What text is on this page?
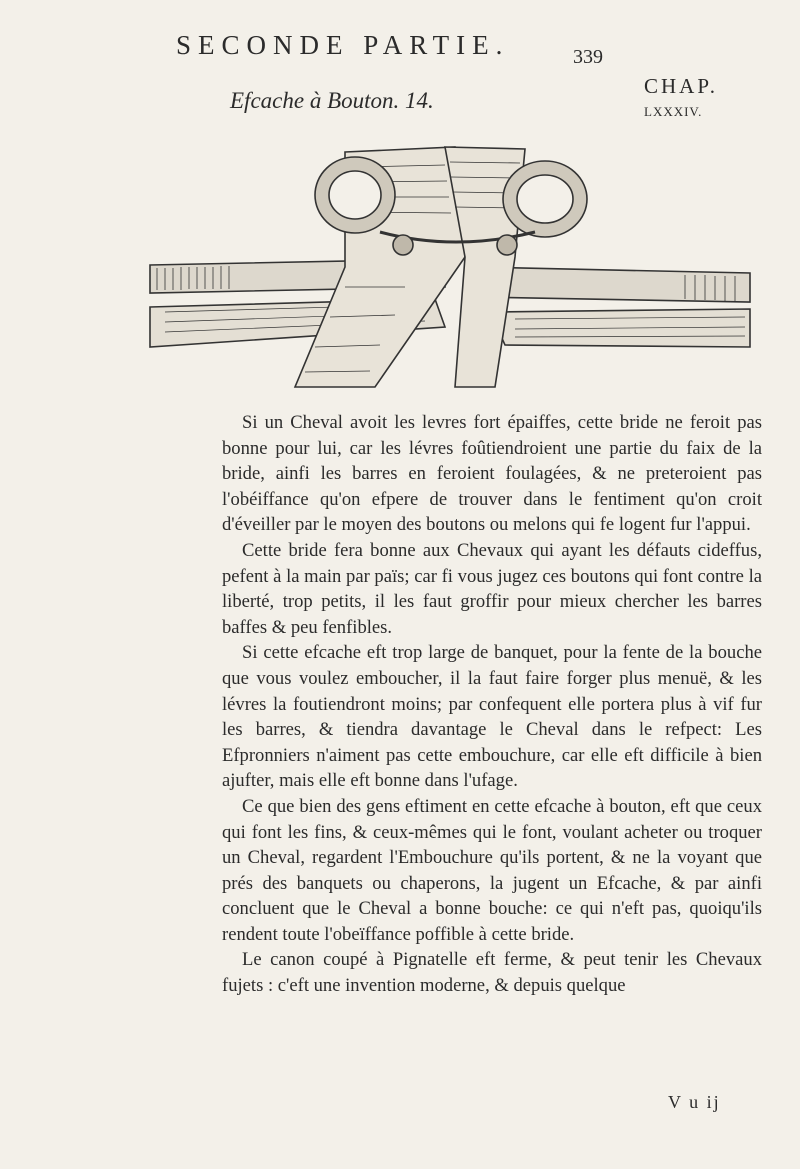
SECONDE PARTIE.	339
CHAP.
LXXXIV.
Efcache à Bouton. 14.

Si un Cheval avoit les levres fort épaiffes, cette bride ne feroit pas bonne pour lui, car les lévres foûtiendroient une partie du faix de la bride, ainfi les barres en feroient foulagées, & ne preteroient pas l'obéiffance qu'on efpere de trouver dans le fentiment qu'on croit d'éveiller par le moyen des boutons ou melons qui fe logent fur l'appui.

Cette bride fera bonne aux Chevaux qui ayant les défauts cideffus, pefent à la main par païs; car fi vous jugez ces boutons qui font contre la liberté, trop petits, il les faut groffir pour mieux chercher les barres baffes & peu fenfibles.

Si cette efcache eft trop large de banquet, pour la fente de la bouche que vous voulez emboucher, il la faut faire forger plus menuë, & les lévres la foutiendront moins; par confequent elle portera plus à vif fur les barres, & tiendra davantage le Cheval dans le refpect: Les Efpronniers n'aiment pas cette embouchure, car elle eft difficile à bien ajufter, mais elle eft bonne dans l'ufage.

Ce que bien des gens eftiment en cette efcache à bouton, eft que ceux qui font les fins, & ceux-mêmes qui le font, voulant acheter ou troquer un Cheval, regardent l'Embouchure qu'ils portent, & ne la voyant que prés des banquets ou chaperons, la jugent un Efcache, & par ainfi concluent que le Cheval a bonne bouche: ce qui n'eft pas, quoiqu'ils rendent toute l'obeïffance poffible à cette bride.

Le canon coupé à Pignatelle eft ferme, & peut tenir les Chevaux fujets : c'eft une invention moderne, & depuis quelque

V u ij
